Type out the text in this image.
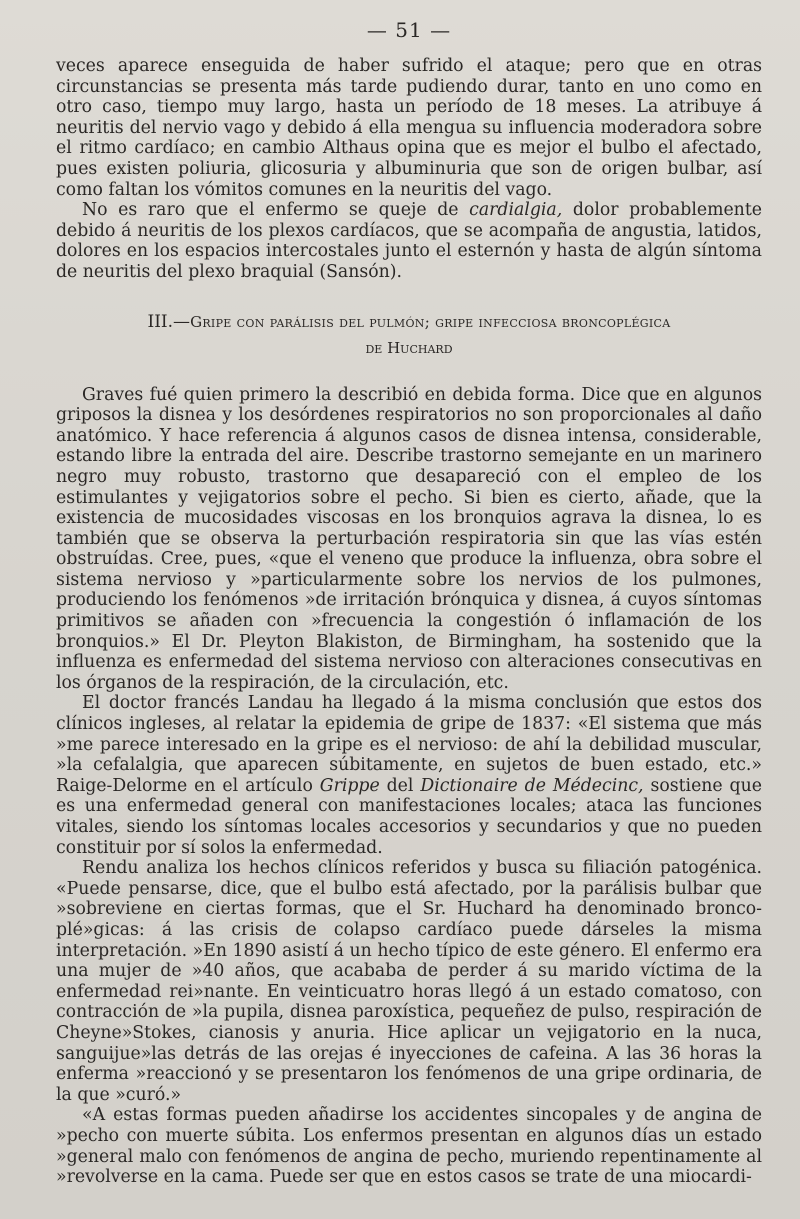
— 51 —

veces aparece enseguida de haber sufrido el ataque; pero que en otras circunstancias se presenta más tarde pudiendo durar, tanto en uno como en otro caso, tiempo muy largo, hasta un período de 18 meses. La atribuye á neuritis del nervio vago y debido á ella mengua su influencia moderadora sobre el ritmo cardíaco; en cambio Althaus opina que es mejor el bulbo el afectado, pues existen poliuria, glicosuria y albuminuria que son de origen bulbar, así como faltan los vómitos comunes en la neuritis del vago.

No es raro que el enfermo se queje de cardialgia, dolor probablemente debido á neuritis de los plexos cardíacos, que se acompaña de angustia, latidos, dolores en los espacios intercostales junto el esternón y hasta de algún síntoma de neuritis del plexo braquial (Sansón).

III.—Gripe con parálisis del pulmón; gripe infecciosa broncoplégica
de Huchard

Graves fué quien primero la describió en debida forma. Dice que en algunos griposos la disnea y los desórdenes respiratorios no son proporcionales al daño anatómico. Y hace referencia á algunos casos de disnea intensa, considerable, estando libre la entrada del aire. Describe trastorno semejante en un marinero negro muy robusto, trastorno que desapareció con el empleo de los estimulantes y vejigatorios sobre el pecho. Si bien es cierto, añade, que la existencia de mucosidades viscosas en los bronquios agrava la disnea, lo es también que se observa la perturbación respiratoria sin que las vías estén obstruídas. Cree, pues, «que el veneno que produce la influenza, obra sobre el sistema nervioso y »particularmente sobre los nervios de los pulmones, produciendo los fenómenos »de irritación brónquica y disnea, á cuyos síntomas primitivos se añaden con »frecuencia la congestión ó inflamación de los bronquios.» El Dr. Pleyton Blakiston, de Birmingham, ha sostenido que la influenza es enfermedad del sistema nervioso con alteraciones consecutivas en los órganos de la respiración, de la circulación, etc.

El doctor francés Landau ha llegado á la misma conclusión que estos dos clínicos ingleses, al relatar la epidemia de gripe de 1837: «El sistema que más »me parece interesado en la gripe es el nervioso: de ahí la debilidad muscular, »la cefalalgia, que aparecen súbitamente, en sujetos de buen estado, etc.» Raige-Delorme en el artículo Grippe del Dictionaire de Médecinc, sostiene que es una enfermedad general con manifestaciones locales; ataca las funciones vitales, siendo los síntomas locales accesorios y secundarios y que no pueden constituir por sí solos la enfermedad.

Rendu analiza los hechos clínicos referidos y busca su filiación patogénica. «Puede pensarse, dice, que el bulbo está afectado, por la parálisis bulbar que »sobreviene en ciertas formas, que el Sr. Huchard ha denominado bronco-plé»gicas: á las crisis de colapso cardíaco puede dárseles la misma interpretación. »En 1890 asistí á un hecho típico de este género. El enfermo era una mujer de »40 años, que acababa de perder á su marido víctima de la enfermedad rei»nante. En veinticuatro horas llegó á un estado comatoso, con contracción de »la pupila, disnea paroxística, pequeñez de pulso, respiración de Cheyne»Stokes, cianosis y anuria. Hice aplicar un vejigatorio en la nuca, sanguijue»las detrás de las orejas é inyecciones de cafeina. A las 36 horas la enferma »reaccionó y se presentaron los fenómenos de una gripe ordinaria, de la que »curó.»

«A estas formas pueden añadirse los accidentes sincopales y de angina de »pecho con muerte súbita. Los enfermos presentan en algunos días un estado »general malo con fenómenos de angina de pecho, muriendo repentinamente al »revolverse en la cama. Puede ser que en estos casos se trate de una miocardi-
